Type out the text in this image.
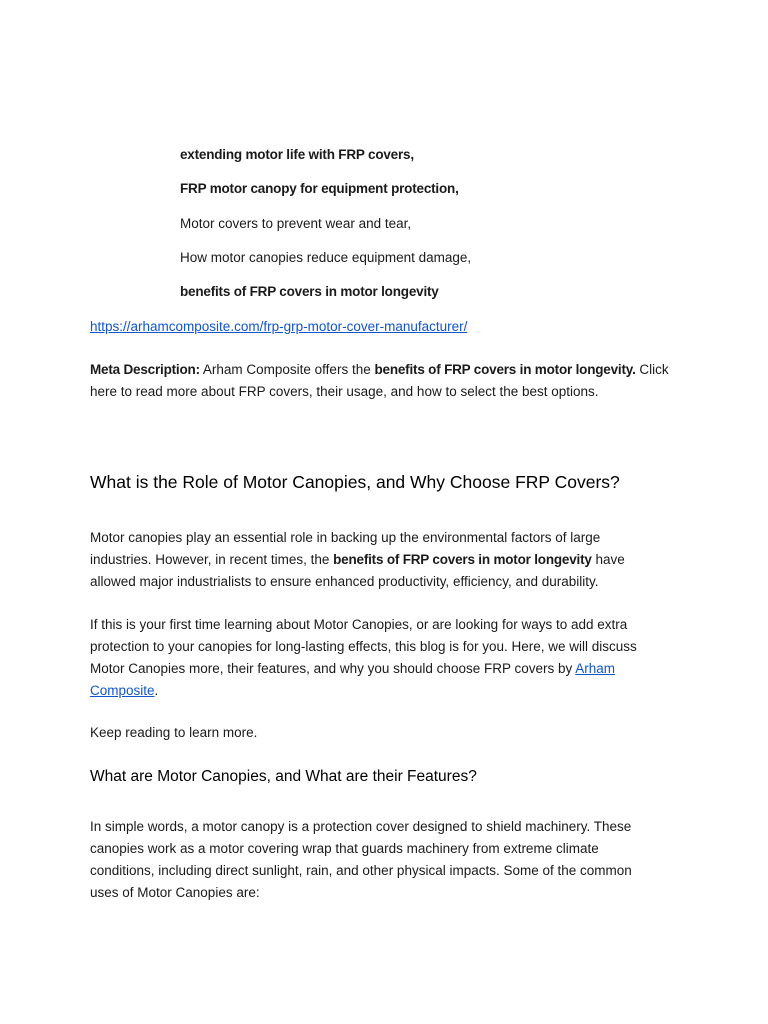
extending motor life with FRP covers,

FRP motor canopy for equipment protection,

Motor covers to prevent wear and tear,

How motor canopies reduce equipment damage,

benefits of FRP covers in motor longevity

https://arhamcomposite.com/frp-grp-motor-cover-manufacturer/

Meta Description: Arham Composite offers the benefits of FRP covers in motor longevity. Click here to read more about FRP covers, their usage, and how to select the best options.

What is the Role of Motor Canopies, and Why Choose FRP Covers?

Motor canopies play an essential role in backing up the environmental factors of large industries. However, in recent times, the benefits of FRP covers in motor longevity have allowed major industrialists to ensure enhanced productivity, efficiency, and durability.

If this is your first time learning about Motor Canopies, or are looking for ways to add extra protection to your canopies for long-lasting effects, this blog is for you. Here, we will discuss Motor Canopies more, their features, and why you should choose FRP covers by Arham Composite.

Keep reading to learn more.

What are Motor Canopies, and What are their Features?

In simple words, a motor canopy is a protection cover designed to shield machinery. These canopies work as a motor covering wrap that guards machinery from extreme climate conditions, including direct sunlight, rain, and other physical impacts. Some of the common uses of Motor Canopies are:
